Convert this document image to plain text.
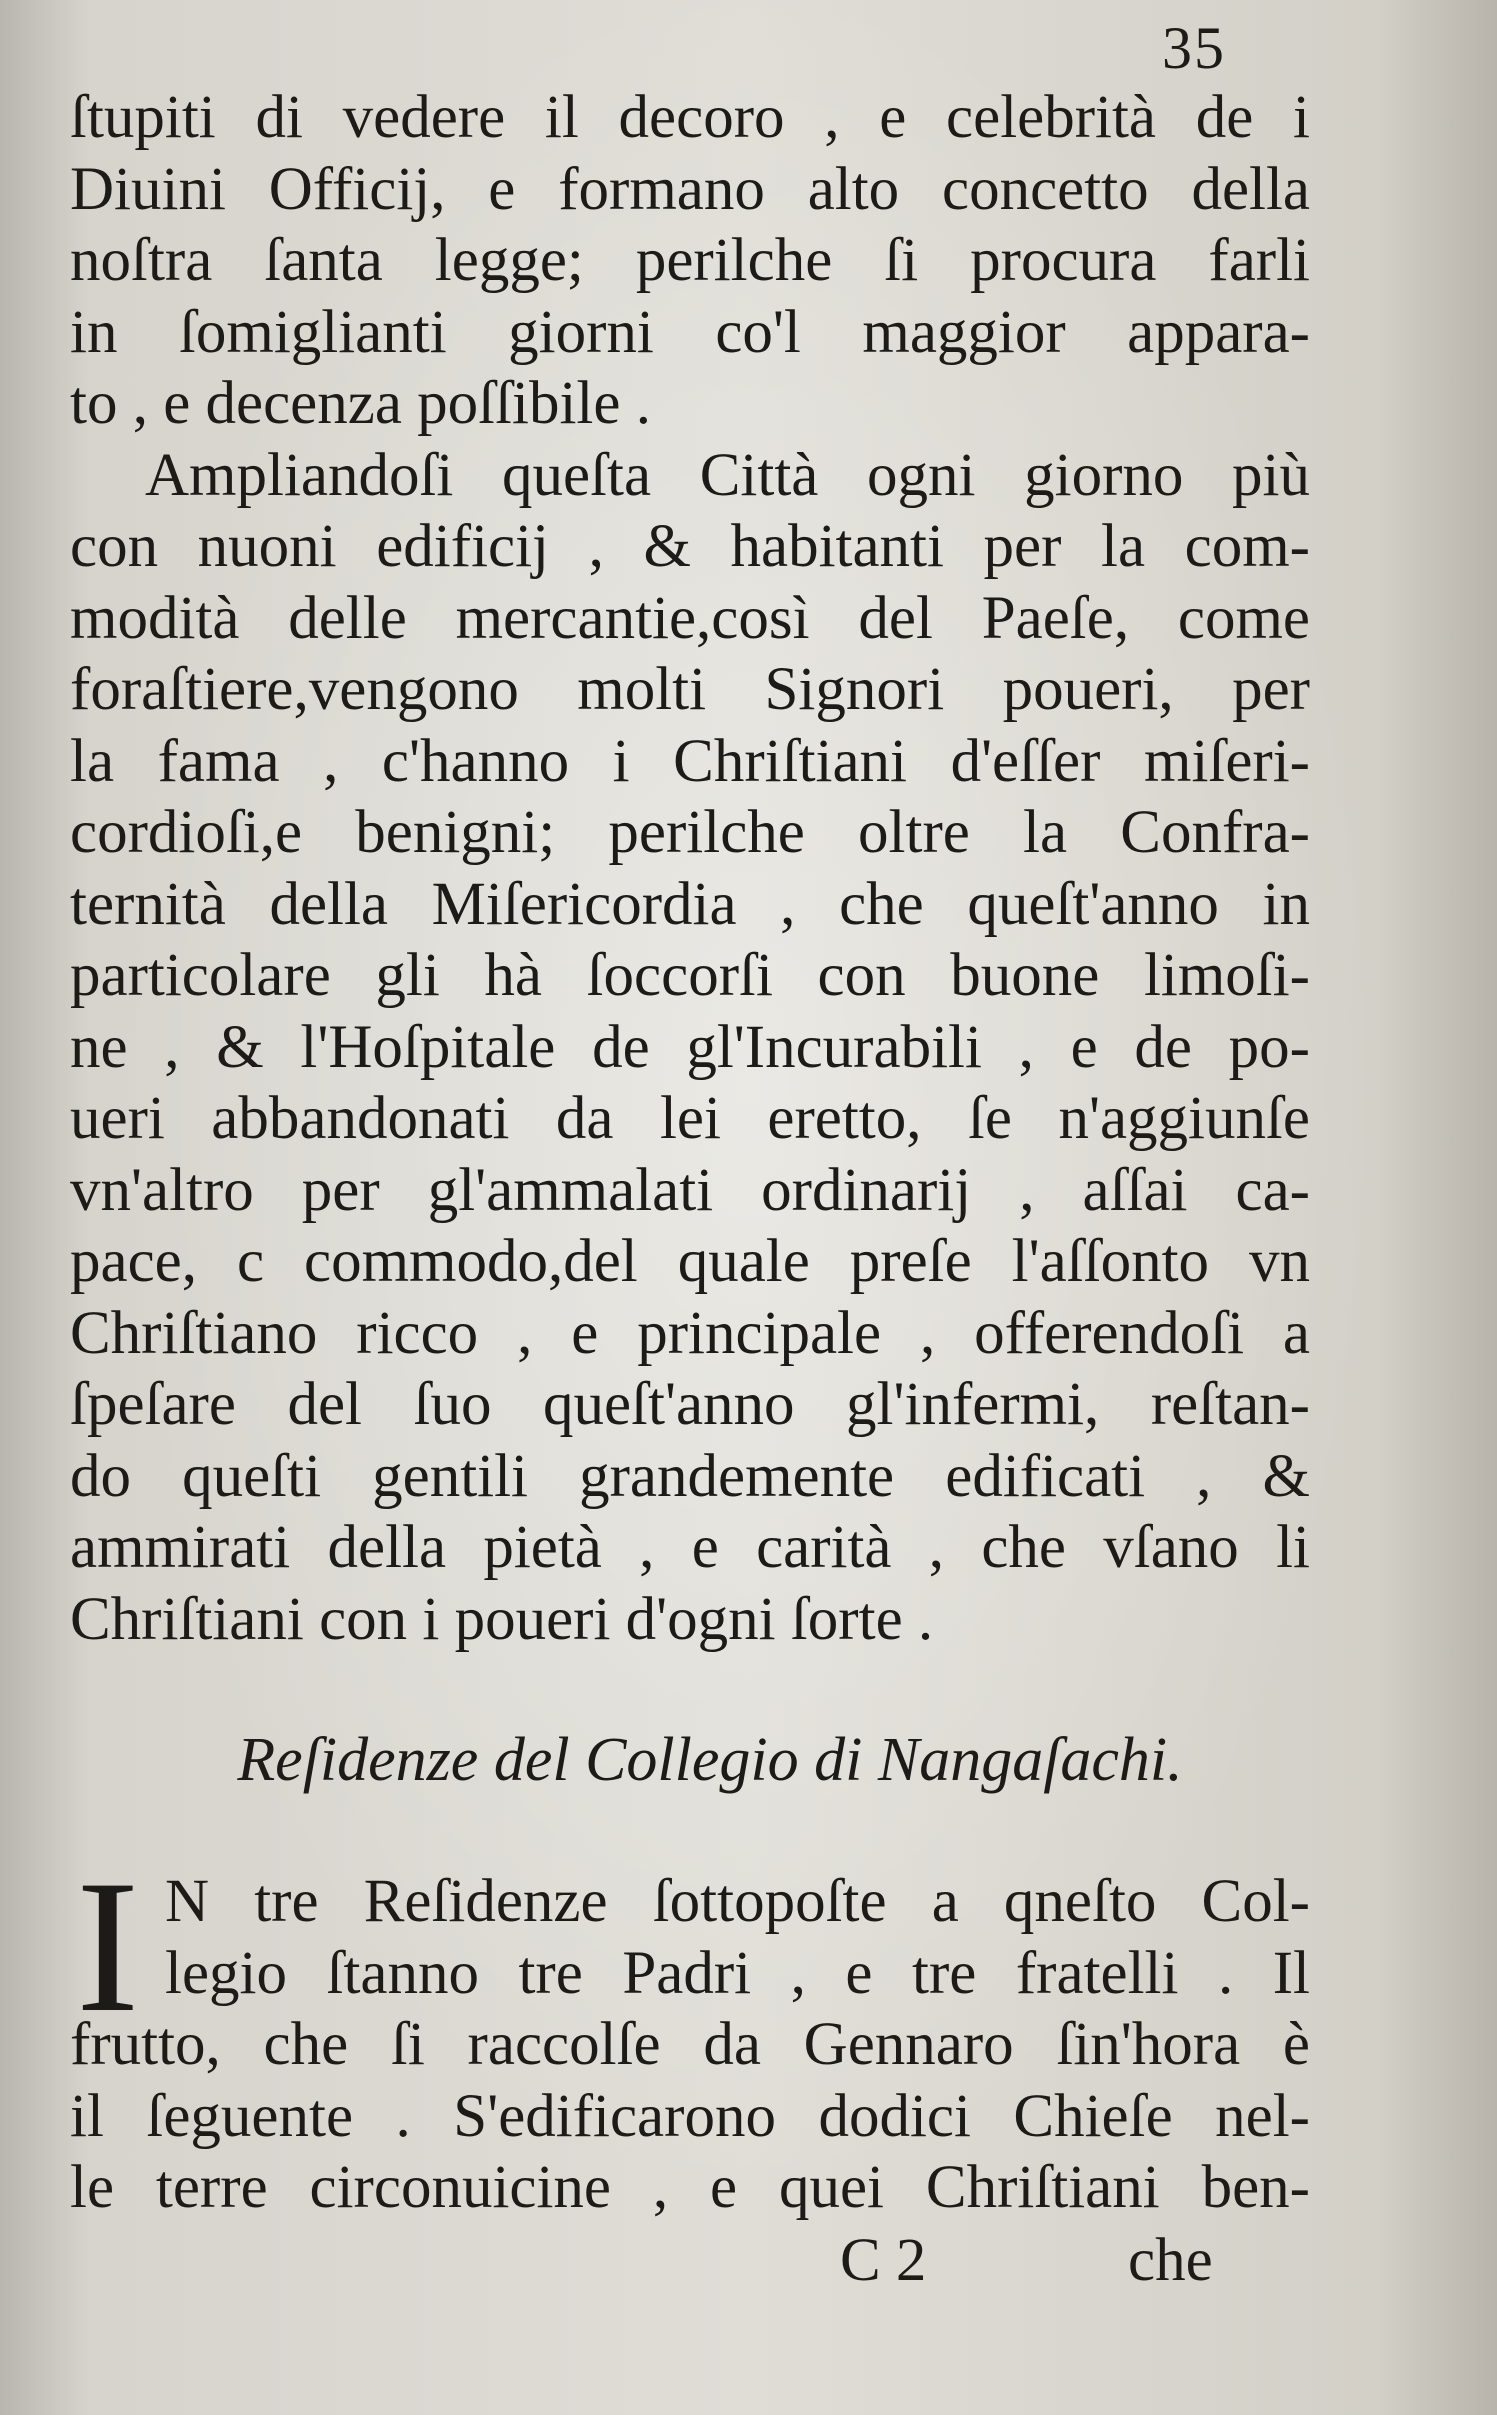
35
ſtupiti di vedere il decoro , e celebrità de i
Diuini Officij, e formano alto concetto della
noſtra ſanta legge; perilche ſi procura farli
in ſomiglianti giorni co'l maggior appara-
to , e decenza poſſibile .
Ampliandoſi queſta Città ogni giorno più
con nuoni edificij , & habitanti per la com-
modità delle mercantie,così del Paeſe, come
foraſtiere,vengono molti Signori poueri, per
la fama , c'hanno i Chriſtiani d'eſſer miſeri-
cordioſi,e benigni; perilche oltre la Confra-
ternità della Miſericordia , che queſt'anno in
particolare gli hà ſoccorſi con buone limoſi-
ne , & l'Hoſpitale de gl'Incurabili , e de po-
ueri abbandonati da lei eretto, ſe n'aggiunſe
vn'altro per gl'ammalati ordinarij , aſſai ca-
pace, c commodo,del quale preſe l'aſſonto vn
Chriſtiano ricco , e principale , offerendoſi a
ſpeſare del ſuo queſt'anno gl'infermi, reſtan-
do queſti gentili grandemente edificati , &
ammirati della pietà , e carità , che vſano li
Chriſtiani con i poueri d'ogni ſorte .
Reſidenze del Collegio di Nangaſachi.
I N tre Reſidenze ſottopoſte a qneſto Col-
legio ſtanno tre Padri , e tre fratelli . Il
frutto, che ſi raccolſe da Gennaro ſin'hora è
il ſeguente . S'edificarono dodici Chieſe nel-
le terre circonuicine , e quei Chriſtiani ben-
C 2	che
